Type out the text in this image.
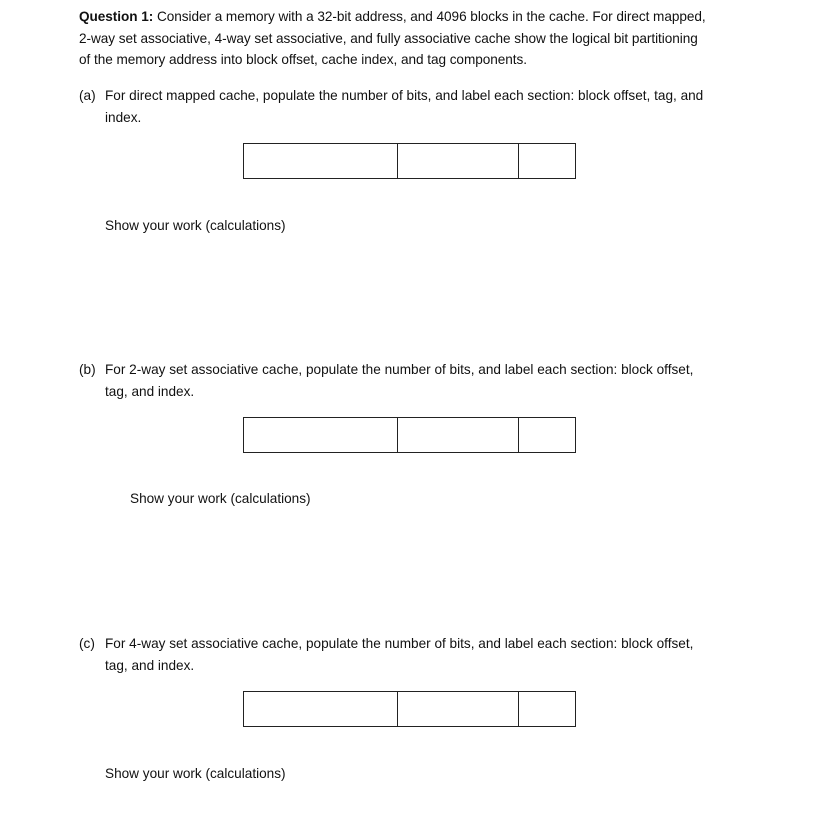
Question 1: Consider a memory with a 32-bit address, and 4096 blocks in the cache. For direct mapped,
2-way set associative, 4-way set associative, and fully associative cache show the logical bit partitioning
of the memory address into block offset, cache index, and tag components.
(a) For direct mapped cache, populate the number of bits, and label each section: block offset, tag, and
index.
Show your work (calculations)
(b) For 2-way set associative cache, populate the number of bits, and label each section: block offset,
tag, and index.
Show your work (calculations)
(c) For 4-way set associative cache, populate the number of bits, and label each section: block offset,
tag, and index.
Show your work (calculations)
